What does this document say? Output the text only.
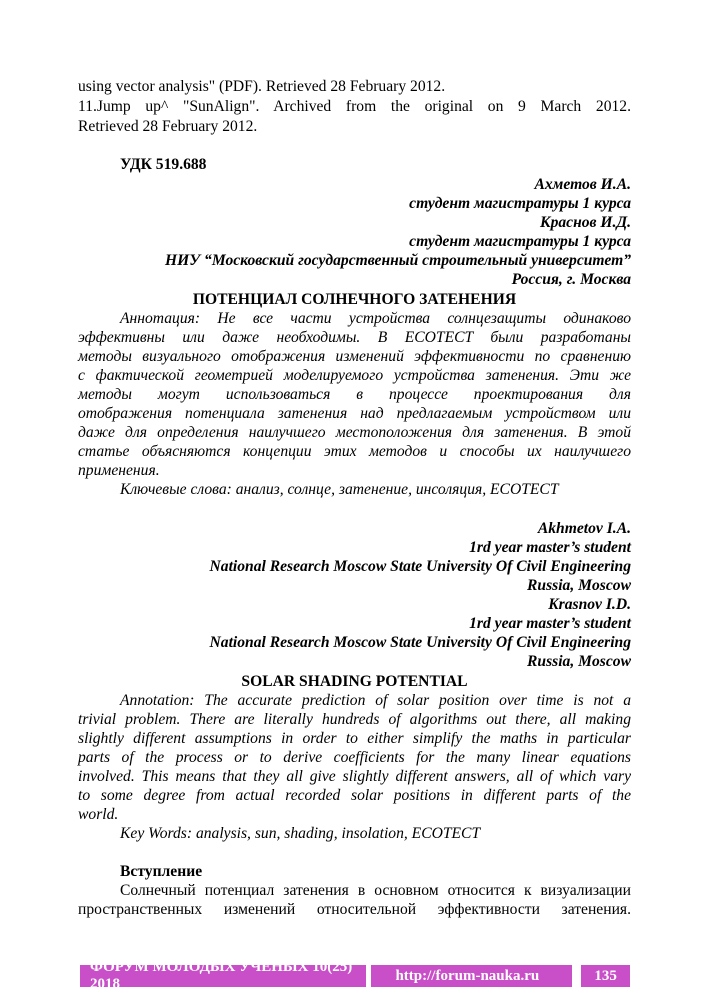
using vector analysis" (PDF). Retrieved 28 February 2012.
11.Jump up^ "SunAlign". Archived from the original on 9 March 2012.
Retrieved 28 February 2012.
УДК 519.688
Ахметов И.А.
студент магистратуры 1 курса
Краснов И.Д.
студент магистратуры 1 курса
НИУ “Московский государственный строительный университет”
Россия, г. Москва
ПОТЕНЦИАЛ СОЛНЕЧНОГО ЗАТЕНЕНИЯ
Аннотация: Не все части устройства солнцезащиты одинаково
эффективны или даже необходимы. В ECOTECT были разработаны
методы визуального отображения изменений эффективности по сравнению
с фактической геометрией моделируемого устройства затенения. Эти же
методы могут использоваться в процессе проектирования для
отображения потенциала затенения над предлагаемым устройством или
даже для определения наилучшего местоположения для затенения. В этой
статье объясняются концепции этих методов и способы их наилучшего
применения.
Ключевые слова: анализ, солнце, затенение, инсоляция, ECOTECT
Akhmetov I.A.
1rd year master’s student
National Research Moscow State University Of Civil Engineering
Russia, Moscow
Krasnov I.D.
1rd year master’s student
National Research Moscow State University Of Civil Engineering
Russia, Moscow
SOLAR SHADING POTENTIAL
Annotation: The accurate prediction of solar position over time is not a
trivial problem. There are literally hundreds of algorithms out there, all making
slightly different assumptions in order to either simplify the maths in particular
parts of the process or to derive coefficients for the many linear equations
involved. This means that they all give slightly different answers, all of which vary
to some degree from actual recorded solar positions in different parts of the
world.
Key Words: analysis, sun, shading, insolation, ECOTECT
Вступление
Солнечный потенциал затенения в основном относится к визуализации
пространственных изменений относительной эффективности затенения.
ФОРУМ МОЛОДЫХ УЧЕНЫХ 10(25) 2018
http://forum-nauka.ru	135
